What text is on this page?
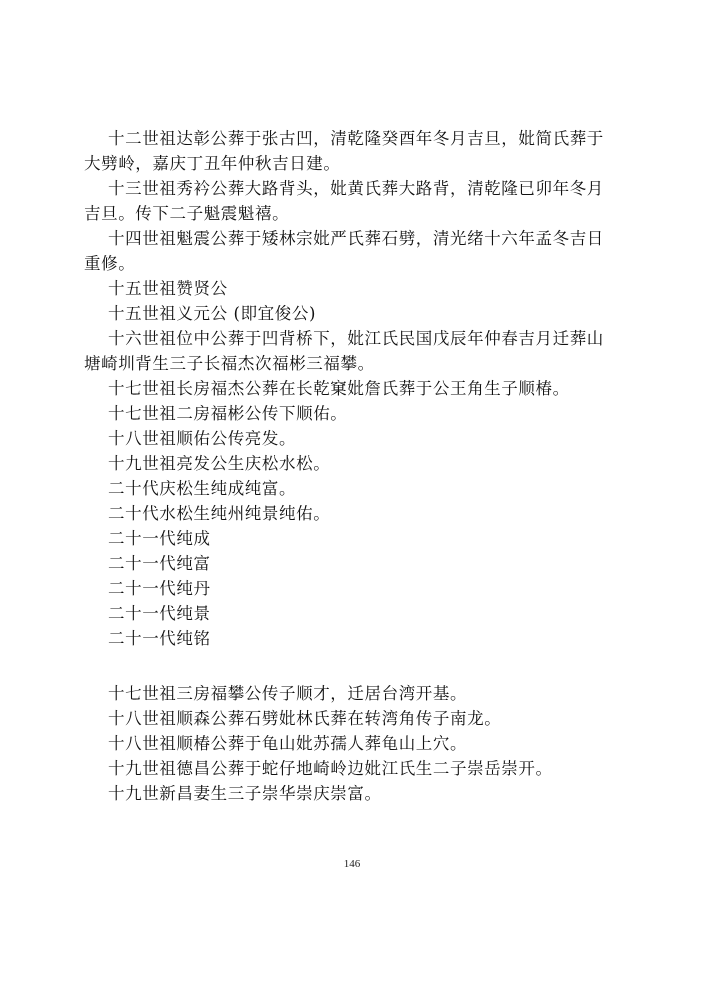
十二世祖达彰公葬于张古凹，清乾隆癸酉年冬月吉旦，妣简氏葬于大劈岭，嘉庆丁丑年仲秋吉日建。

十三世祖秀衿公葬大路背头，妣黄氏葬大路背，清乾隆已卯年冬月吉旦。传下二子魁震魁禧。

十四世祖魁震公葬于矮林宗妣严氏葬石劈，清光绪十六年孟冬吉日重修。

十五世祖赞贤公

十五世祖义元公 (即宜俊公)

十六世祖位中公葬于凹背桥下，妣江氏民国戊辰年仲春吉月迁葬山塘崎圳背生三子长福杰次福彬三福攀。

十七世祖长房福杰公葬在长乾窠妣詹氏葬于公王角生子顺椿。

十七世祖二房福彬公传下顺佑。

十八世祖顺佑公传亮发。

十九世祖亮发公生庆松水松。

二十代庆松生纯成纯富。

二十代水松生纯州纯景纯佑。

二十一代纯成

二十一代纯富

二十一代纯丹

二十一代纯景

二十一代纯铭

十七世祖三房福攀公传子顺才，迁居台湾开基。

十八世祖顺森公葬石劈妣林氏葬在转湾角传子南龙。

十八世祖顺椿公葬于龟山妣苏孺人葬龟山上穴。

十九世祖德昌公葬于蛇仔地崎岭边妣江氏生二子崇岳崇开。

十九世新昌妻生三子崇华崇庆崇富。

146
